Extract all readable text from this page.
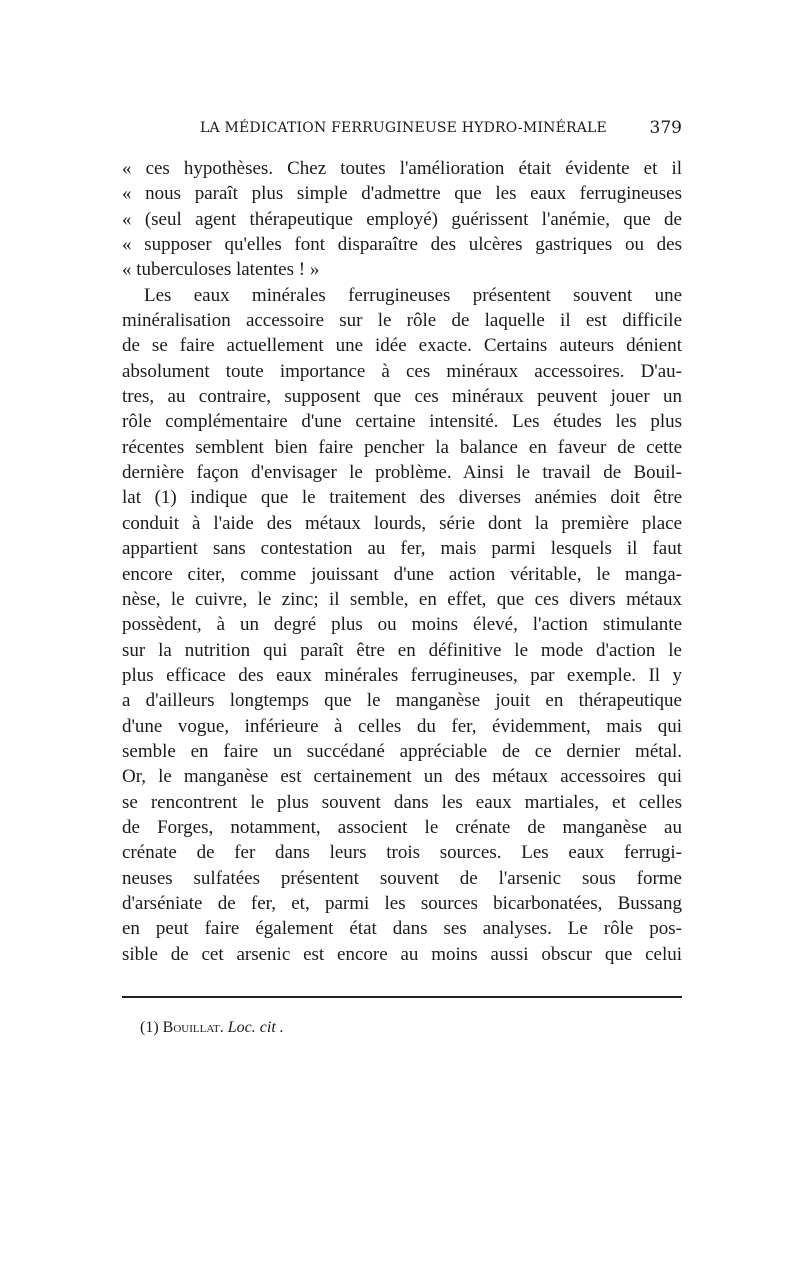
LA MÉDICATION FERRUGINEUSE HYDRO-MINÉRALE	379
« ces hypothèses. Chez toutes l'amélioration était évidente et il
« nous paraît plus simple d'admettre que les eaux ferrugineuses
« (seul agent thérapeutique employé) guérissent l'anémie, que de
« supposer qu'elles font disparaître des ulcères gastriques ou des
« tuberculoses latentes ! »
Les eaux minérales ferrugineuses présentent souvent une
minéralisation accessoire sur le rôle de laquelle il est difficile
de se faire actuellement une idée exacte. Certains auteurs dénient
absolument toute importance à ces minéraux accessoires. D'au-
tres, au contraire, supposent que ces minéraux peuvent jouer un
rôle complémentaire d'une certaine intensité. Les études les plus
récentes semblent bien faire pencher la balance en faveur de cette
dernière façon d'envisager le problème. Ainsi le travail de Bouil-
lat (1) indique que le traitement des diverses anémies doit être
conduit à l'aide des métaux lourds, série dont la première place
appartient sans contestation au fer, mais parmi lesquels il faut
encore citer, comme jouissant d'une action véritable, le manga-
nèse, le cuivre, le zinc; il semble, en effet, que ces divers métaux
possèdent, à un degré plus ou moins élevé, l'action stimulante
sur la nutrition qui paraît être en définitive le mode d'action le
plus efficace des eaux minérales ferrugineuses, par exemple. Il y
a d'ailleurs longtemps que le manganèse jouit en thérapeutique
d'une vogue, inférieure à celles du fer, évidemment, mais qui
semble en faire un succédané appréciable de ce dernier métal.
Or, le manganèse est certainement un des métaux accessoires qui
se rencontrent le plus souvent dans les eaux martiales, et celles
de Forges, notamment, associent le crénate de manganèse au
crénate de fer dans leurs trois sources. Les eaux ferrugi-
neuses sulfatées présentent souvent de l'arsenic sous forme
d'arséniate de fer, et, parmi les sources bicarbonatées, Bussang
en peut faire également état dans ses analyses. Le rôle pos-
sible de cet arsenic est encore au moins aussi obscur que celui
(1) Bouillat. Loc. cit .
